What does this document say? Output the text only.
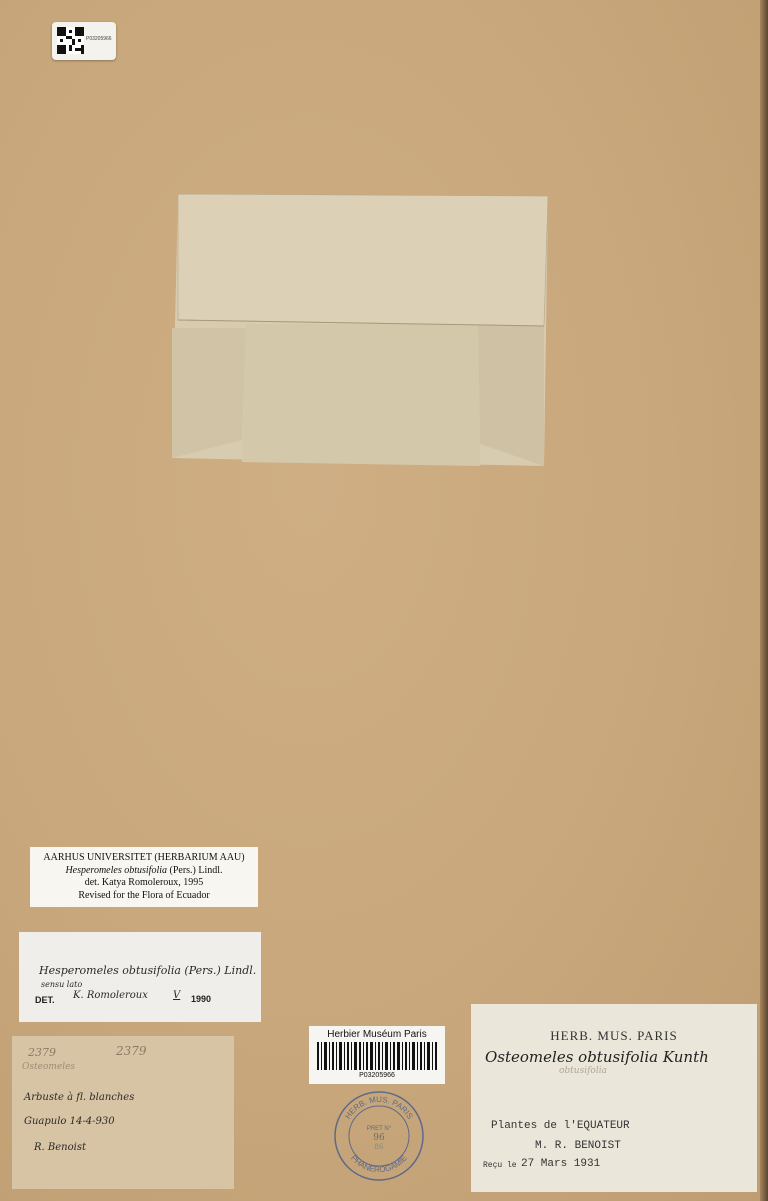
P03205966
AARHUS UNIVERSITET (HERBARIUM AAU)
Hesperomeles obtusifolia (Pers.) Lindl.
det. Katya Romoleroux, 1995
Revised for the Flora of Ecuador
Hesperomeles obtusifolia (Pers.) Lindl.
sensu lato
DET. K. Romoleroux	V 1990
2379	2379
Osteomeles
Arbuste à fl. blanches
Guapulo 14-4-930
R. Benoist
Herbier Muséum Paris
P03205966
HERB. MUS. PARIS
PHANEROGAMIE
PRET N°
96
86
HERB. MUS. PARIS
Osteomeles obtusifolia Kunth
obtusifolia
Plantes de l'EQUATEUR
M. R. BENOIST
Reçu le 27 Mars 1931
